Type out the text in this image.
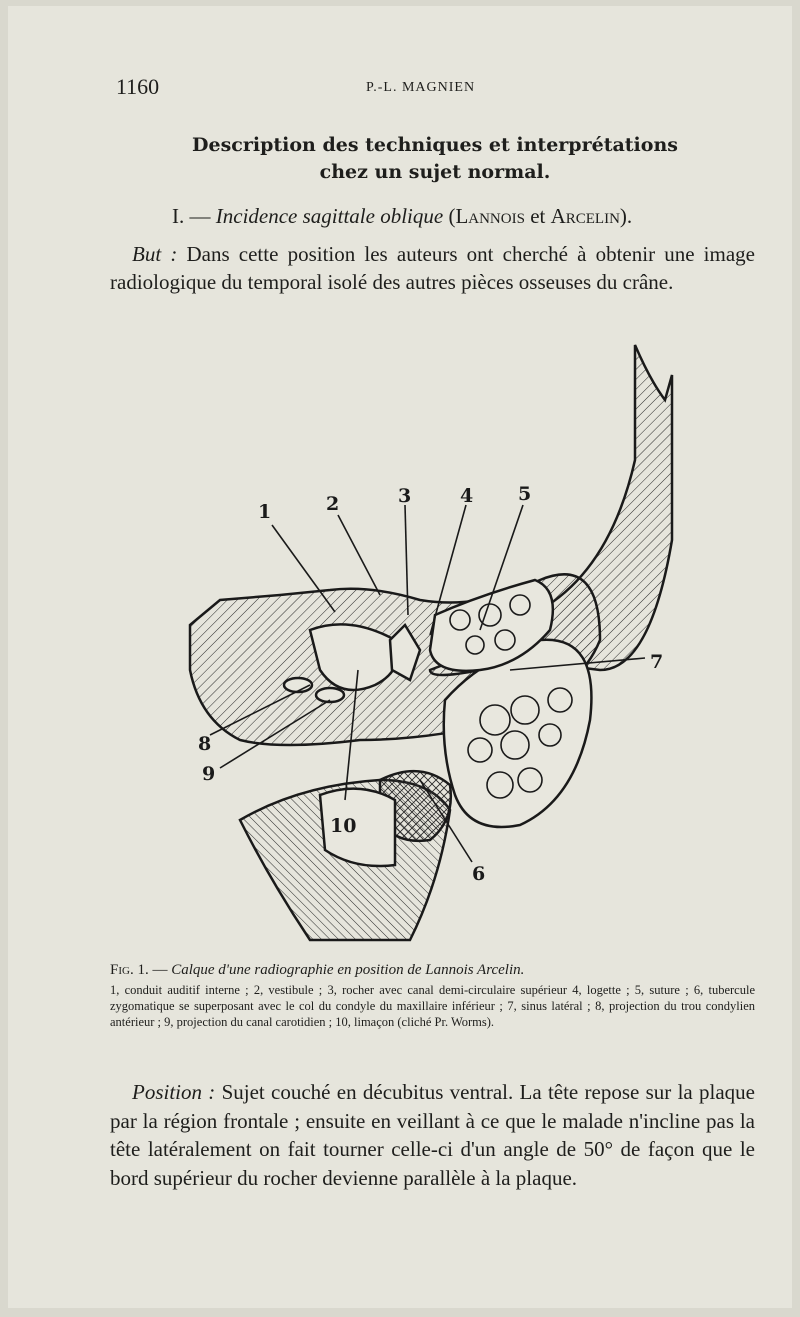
1160	P.-L. MAGNIEN
Description des techniques et interprétations
chez un sujet normal.
I. — Incidence sagittale oblique (Lannois et Arcelin).

But : Dans cette position les auteurs ont cherché à obtenir une image radiologique du temporal isolé des autres pièces osseuses du crâne.

1	2	3	4 5
6
7
8
9
10
Fig. 1. — Calque d'une radiographie en position de Lannois Arcelin.
1, conduit auditif interne ; 2, vestibule ; 3, rocher avec canal demi-circulaire supérieur 4, logette ; 5, suture ; 6, tubercule zygomatique se superposant avec le col du condyle du maxillaire inférieur ; 7, sinus latéral ; 8, projection du trou condylien antérieur ; 9, projection du canal carotidien ; 10, limaçon (cliché Pr. Worms).

Position : Sujet couché en décubitus ventral. La tête repose sur la plaque par la région frontale ; ensuite en veillant à ce que le malade n'incline pas la tête latéralement on fait tourner celle-ci d'un angle de 50° de façon que le bord supérieur du rocher devienne parallèle à la plaque.
